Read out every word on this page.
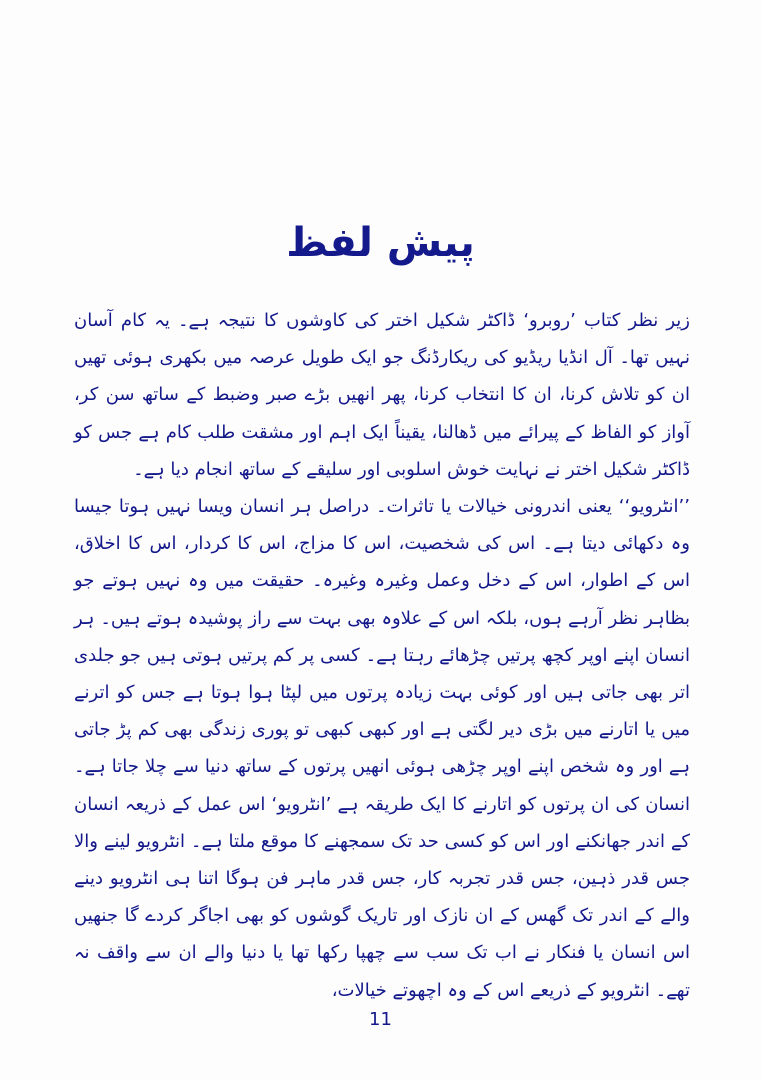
پیش لفظ

زیر نظر کتاب ’روبرو‘ ڈاکٹر شکیل اختر کی کاوشوں کا نتیجہ ہے۔ یہ کام آسان نہیں تھا۔ آل انڈیا ریڈیو کی ریکارڈنگ جو ایک طویل عرصہ میں بکھری ہوئی تھیں ان کو تلاش کرنا، ان کا انتخاب کرنا، پھر انھیں بڑے صبر وضبط کے ساتھ سن کر، آواز کو الفاظ کے پیرائے میں ڈھالنا، یقیناً ایک اہم اور مشقت طلب کام ہے جس کو ڈاکٹر شکیل اختر نے نہایت خوش اسلوبی اور سلیقے کے ساتھ انجام دیا ہے۔

’’انٹرویو‘‘ یعنی اندرونی خیالات یا تاثرات۔ دراصل ہر انسان ویسا نہیں ہوتا جیسا وہ دکھائی دیتا ہے۔ اس کی شخصیت، اس کا مزاج، اس کا کردار، اس کا اخلاق، اس کے اطوار، اس کے دخل وعمل وغیرہ وغیرہ۔ حقیقت میں وہ نہیں ہوتے جو بظاہر نظر آرہے ہوں، بلکہ اس کے علاوہ بھی بہت سے راز پوشیدہ ہوتے ہیں۔ ہر انسان اپنے اوپر کچھ پرتیں چڑھائے رہتا ہے۔ کسی پر کم پرتیں ہوتی ہیں جو جلدی اتر بھی جاتی ہیں اور کوئی بہت زیادہ پرتوں میں لپٹا ہوا ہوتا ہے جس کو اترنے میں یا اتارنے میں بڑی دیر لگتی ہے اور کبھی کبھی تو پوری زندگی بھی کم پڑ جاتی ہے اور وہ شخص اپنے اوپر چڑھی ہوئی انھیں پرتوں کے ساتھ دنیا سے چلا جاتا ہے۔ انسان کی ان پرتوں کو اتارنے کا ایک طریقہ ہے ’انٹرویو‘ اس عمل کے ذریعہ انسان کے اندر جھانکنے اور اس کو کسی حد تک سمجھنے کا موقع ملتا ہے۔ انٹرویو لینے والا جس قدر ذہین، جس قدر تجربہ کار، جس قدر ماہر فن ہوگا اتنا ہی انٹرویو دینے والے کے اندر تک گھس کے ان نازک اور تاریک گوشوں کو بھی اجاگر کردے گا جنھیں اس انسان یا فنکار نے اب تک سب سے چھپا رکھا تھا یا دنیا والے ان سے واقف نہ تھے۔ انٹرویو کے ذریعے اس کے وہ اچھوتے خیالات،

11
